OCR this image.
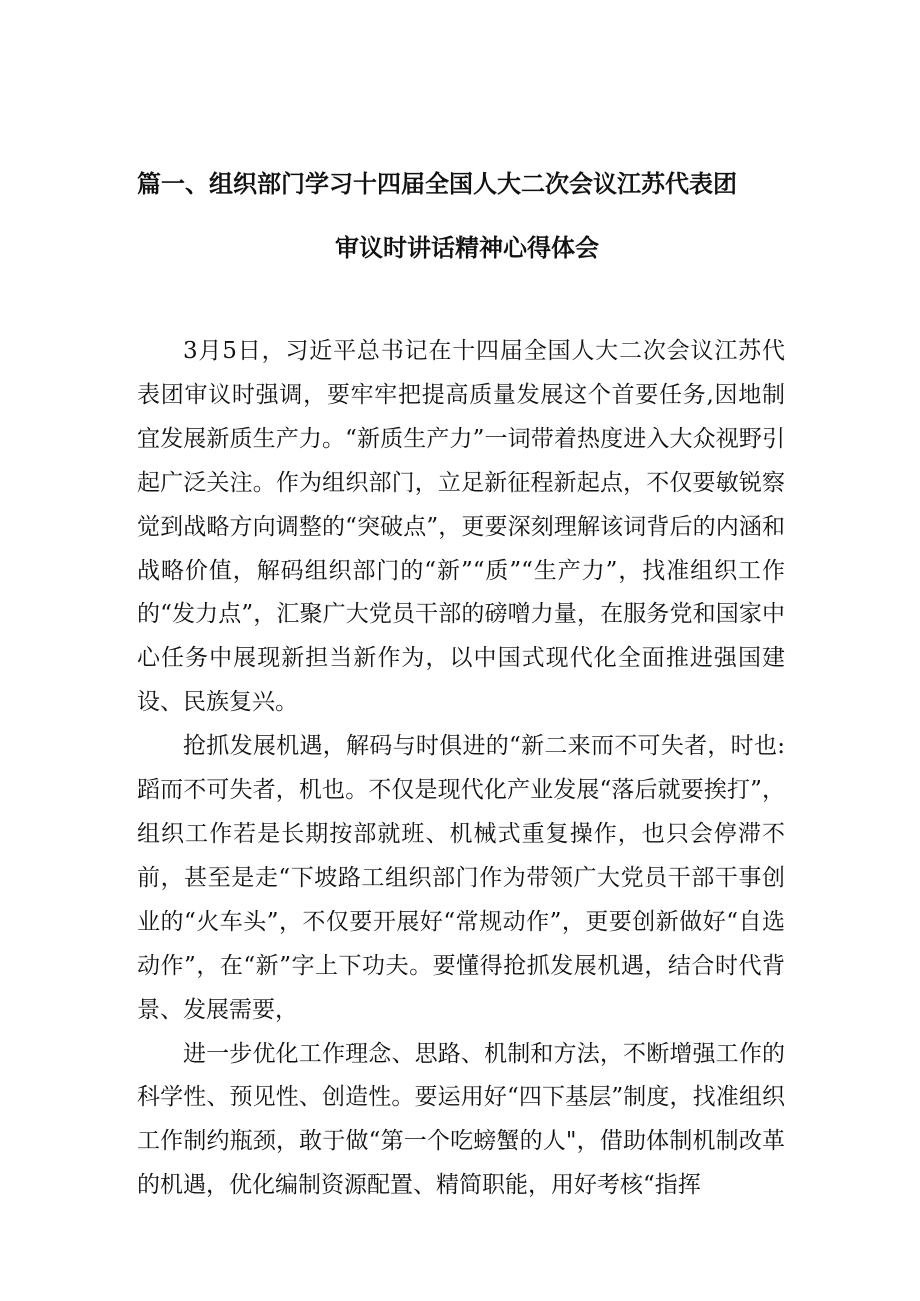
篇一、组织部门学习十四届全国人大二次会议江苏代表团
审议时讲话精神心得体会

3月5日，习近平总书记在十四届全国人大二次会议江苏代表团审议时强调，要牢牢把提高质量发展这个首要任务,因地制宜发展新质生产力。“新质生产力”一词带着热度进入大众视野引起广泛关注。作为组织部门，立足新征程新起点，不仅要敏锐察觉到战略方向调整的“突破点”，更要深刻理解该词背后的内涵和战略价值，解码组织部门的“新”“质”“生产力”，找准组织工作的“发力点”，汇聚广大党员干部的磅噌力量，在服务党和国家中心任务中展现新担当新作为，以中国式现代化全面推进强国建设、民族复兴。

抢抓发展机遇，解码与时俱进的“新二来而不可失者，时也:蹈而不可失者，机也。不仅是现代化产业发展“落后就要挨打”，组织工作若是长期按部就班、机械式重复操作，也只会停滞不前，甚至是走“下坡路工组织部门作为带领广大党员干部干事创业的“火车头”，不仅要开展好“常规动作”，更要创新做好“自选动作”，在“新”字上下功夫。要懂得抢抓发展机遇，结合时代背景、发展需要，

进一步优化工作理念、思路、机制和方法，不断增强工作的科学性、预见性、创造性。要运用好“四下基层”制度，找准组织工作制约瓶颈，敢于做“第一个吃螃蟹的人"，借助体制机制改革的机遇，优化编制资源配置、精简职能，用好考核“指挥
